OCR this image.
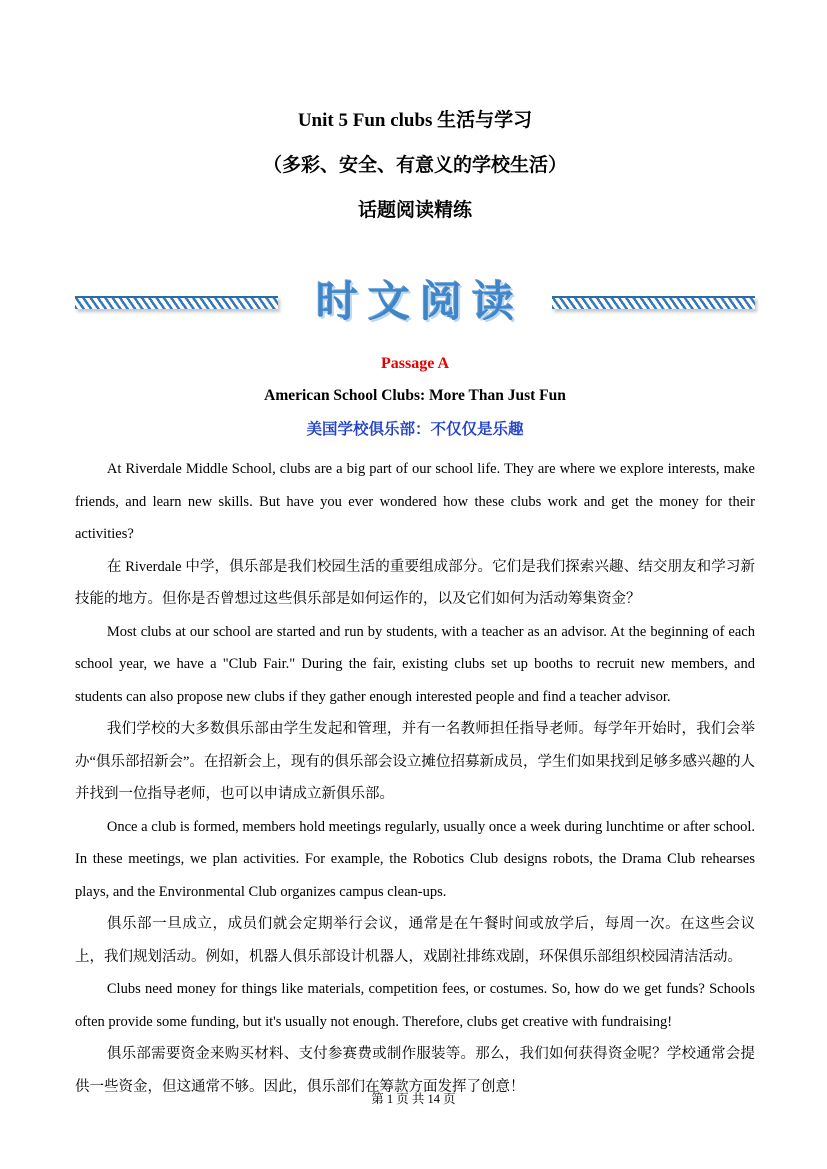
Unit 5 Fun clubs 生活与学习
（多彩、安全、有意义的学校生活）
话题阅读精练
时文阅读
Passage A
American School Clubs: More Than Just Fun
美国学校俱乐部：不仅仅是乐趣

At Riverdale Middle School, clubs are a big part of our school life. They are where we explore interests, make friends, and learn new skills. But have you ever wondered how these clubs work and get the money for their activities?

在 Riverdale 中学，俱乐部是我们校园生活的重要组成部分。它们是我们探索兴趣、结交朋友和学习新技能的地方。但你是否曾想过这些俱乐部是如何运作的，以及它们如何为活动筹集资金？

Most clubs at our school are started and run by students, with a teacher as an advisor. At the beginning of each school year, we have a "Club Fair." During the fair, existing clubs set up booths to recruit new members, and students can also propose new clubs if they gather enough interested people and find a teacher advisor.

我们学校的大多数俱乐部由学生发起和管理，并有一名教师担任指导老师。每学年开始时，我们会举办“俱乐部招新会”。在招新会上，现有的俱乐部会设立摊位招募新成员，学生们如果找到足够多感兴趣的人并找到一位指导老师，也可以申请成立新俱乐部。

Once a club is formed, members hold meetings regularly, usually once a week during lunchtime or after school. In these meetings, we plan activities. For example, the Robotics Club designs robots, the Drama Club rehearses plays, and the Environmental Club organizes campus clean-ups.

俱乐部一旦成立，成员们就会定期举行会议，通常是在午餐时间或放学后，每周一次。在这些会议上，我们规划活动。例如，机器人俱乐部设计机器人，戏剧社排练戏剧，环保俱乐部组织校园清洁活动。

Clubs need money for things like materials, competition fees, or costumes. So, how do we get funds? Schools often provide some funding, but it's usually not enough. Therefore, clubs get creative with fundraising!

俱乐部需要资金来购买材料、支付参赛费或制作服装等。那么，我们如何获得资金呢？学校通常会提供一些资金，但这通常不够。因此，俱乐部们在筹款方面发挥了创意！

第 1 页 共 14 页
